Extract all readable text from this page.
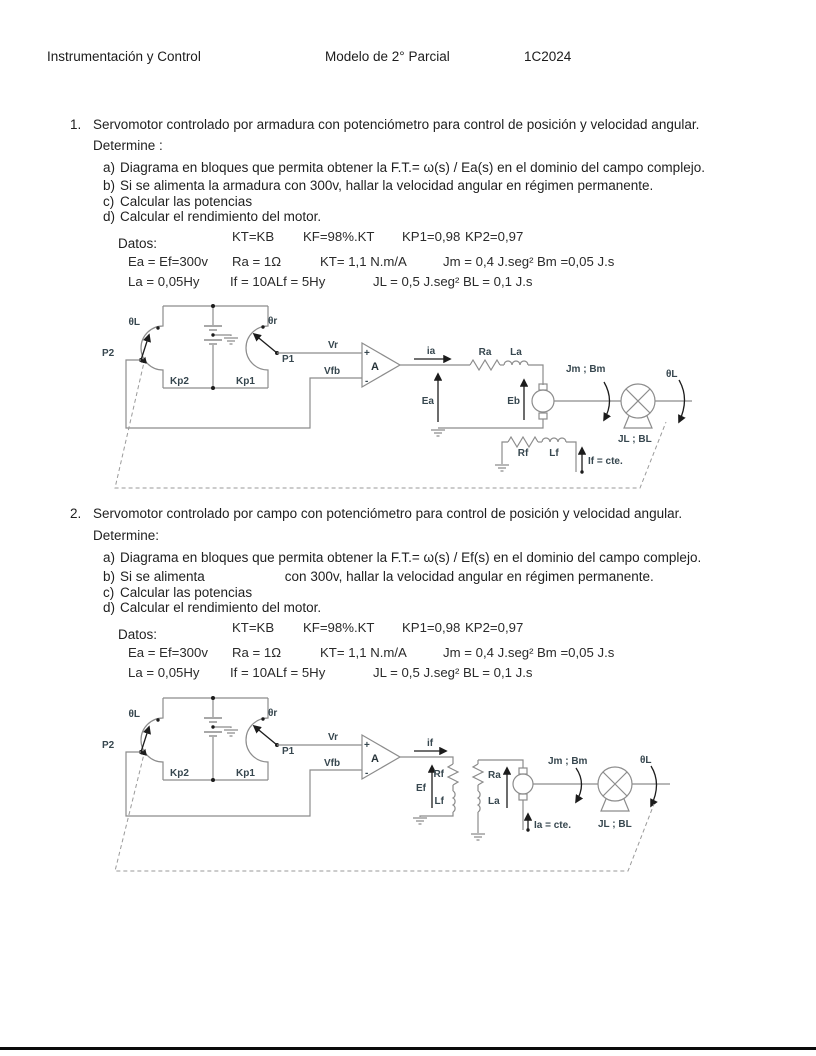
Instrumentación y Control	Modelo de 2° Parcial	1C2024
1. Servomotor controlado por armadura con potenciómetro para control de posición y velocidad angular.
Determine :
a) Diagrama en bloques que permita obtener la F.T.= ω(s) / Ea(s) en el dominio del campo complejo.
b) Si se alimenta la armadura con 300v, hallar la velocidad angular en régimen permanente.
c) Calcular las potencias
d) Calcular el rendimiento del motor.
Datos:	KT=KB KF=98%.KT KP1=0,98 KP2=0,97
Ea = Ef=300v Ra = 1Ω	KT= 1,1 N.m/A	Jm = 0,4 J.seg² Bm =0,05 J.s
La = 0,05Hy If = 10ALf = 5Hy	JL = 0,5 J.seg² BL = 0,1 J.s
θL
P2
Kp2
θr
P1
Kp1
Vr
Vfb	A
+
-
ia	Ra La
Ea	Eb
Rf Lf
If = cte.
Jm ; Bm	θL
JL ; BL
2. Servomotor controlado por campo con potenciómetro para control de posición y velocidad angular.
Determine:
a) Diagrama en bloques que permita obtener la F.T.= ω(s) / Ef(s) en el dominio del campo complejo.
b) Si se alimenta	con 300v, hallar la velocidad angular en régimen permanente.
c) Calcular las potencias
d) Calcular el rendimiento del motor.
Datos:	KT=KB KF=98%.KT KP1=0,98 KP2=0,97
Ea = Ef=300v Ra = 1Ω	KT= 1,1 N.m/A	Jm = 0,4 J.seg² Bm =0,05 J.s
La = 0,05Hy If = 10ALf = 5Hy	JL = 0,5 J.seg² BL = 0,1 J.s
θL
P2
Kp2
θr
P1
Kp1
Vr
Vfb	A
+
-
if
Ef
Rf
Lf
Ra
La
Ia = cte.
Jm ; Bm	θL
JL ; BL
